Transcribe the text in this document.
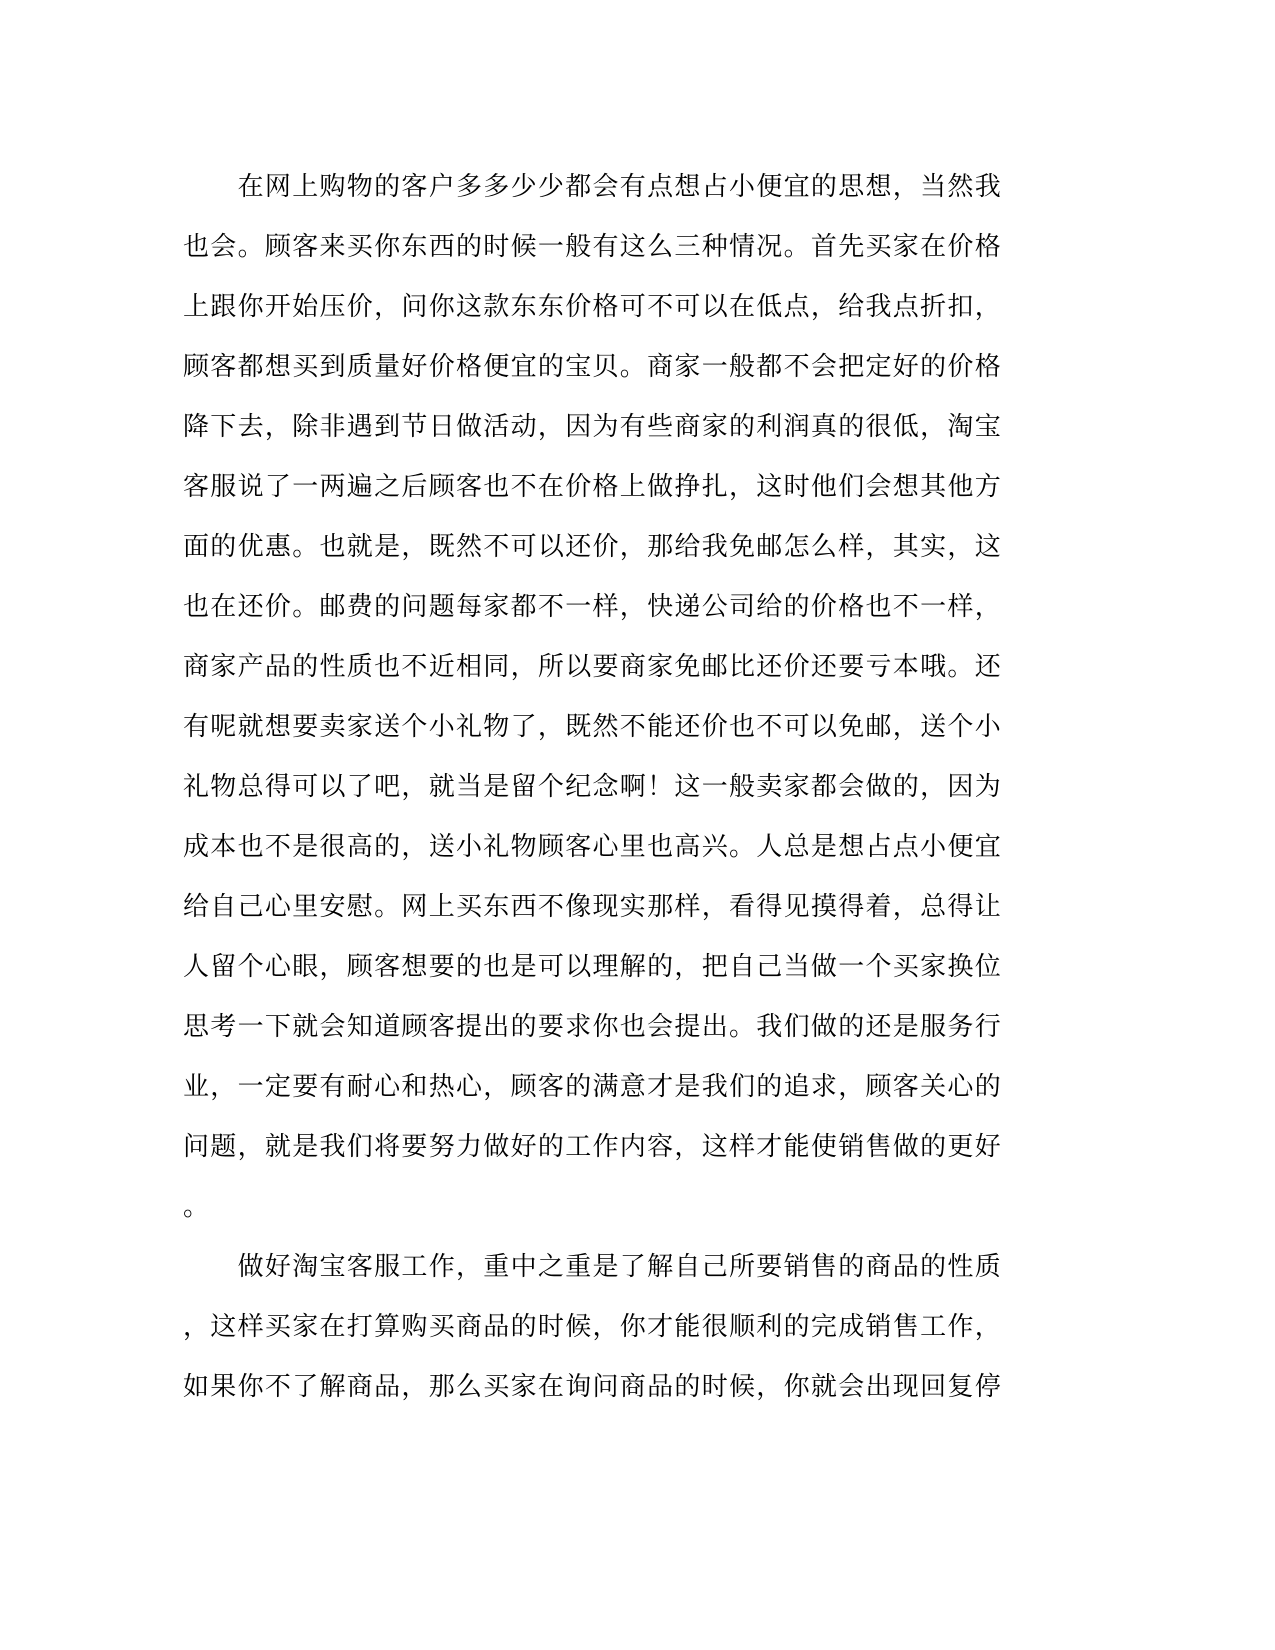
　　在网上购物的客户多多少少都会有点想占小便宜的思想，当然我
也会。顾客来买你东西的时候一般有这么三种情况。首先买家在价格
上跟你开始压价，问你这款东东价格可不可以在低点，给我点折扣，
顾客都想买到质量好价格便宜的宝贝。商家一般都不会把定好的价格
降下去，除非遇到节日做活动，因为有些商家的利润真的很低，淘宝
客服说了一两遍之后顾客也不在价格上做挣扎，这时他们会想其他方
面的优惠。也就是，既然不可以还价，那给我免邮怎么样，其实，这
也在还价。邮费的问题每家都不一样，快递公司给的价格也不一样，
商家产品的性质也不近相同，所以要商家免邮比还价还要亏本哦。还
有呢就想要卖家送个小礼物了，既然不能还价也不可以免邮，送个小
礼物总得可以了吧，就当是留个纪念啊！这一般卖家都会做的，因为
成本也不是很高的，送小礼物顾客心里也高兴。人总是想占点小便宜
给自己心里安慰。网上买东西不像现实那样，看得见摸得着，总得让
人留个心眼，顾客想要的也是可以理解的，把自己当做一个买家换位
思考一下就会知道顾客提出的要求你也会提出。我们做的还是服务行
业，一定要有耐心和热心，顾客的满意才是我们的追求，顾客关心的
问题，就是我们将要努力做好的工作内容，这样才能使销售做的更好
。
　　做好淘宝客服工作，重中之重是了解自己所要销售的商品的性质
，这样买家在打算购买商品的时候，你才能很顺利的完成销售工作，
如果你不了解商品，那么买家在询问商品的时候，你就会出现回复停
